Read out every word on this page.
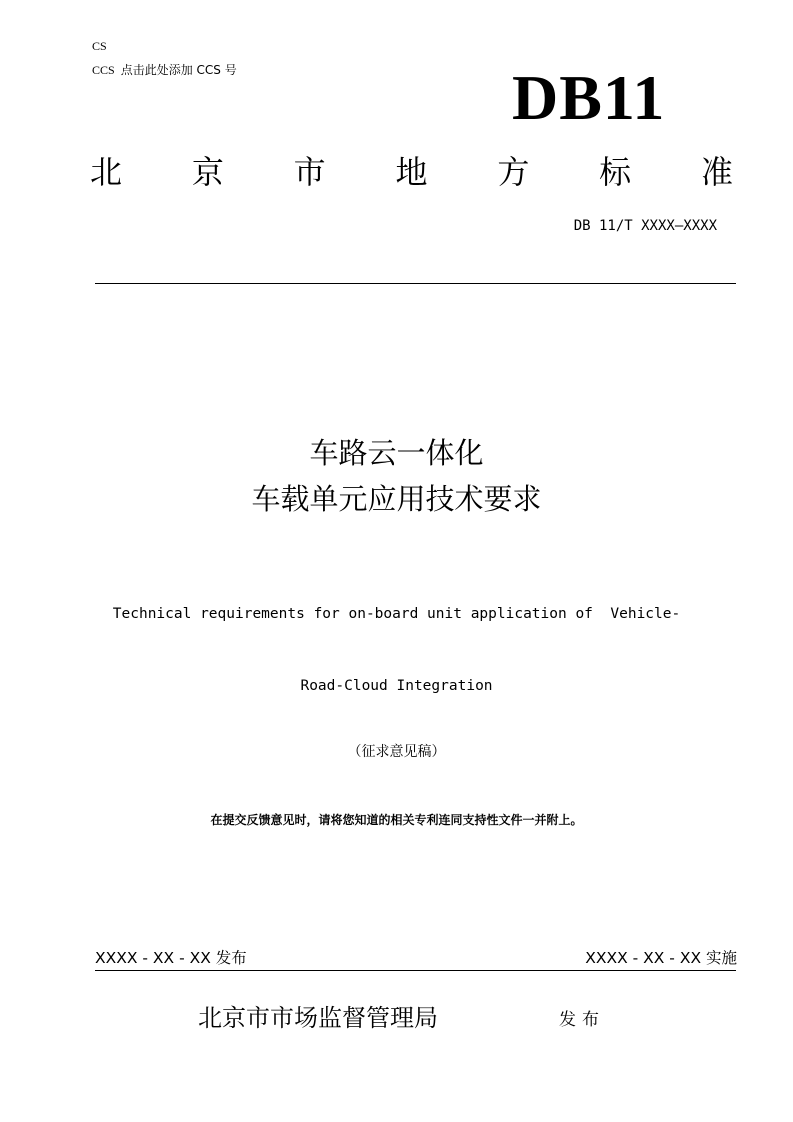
CS
CCS 点击此处添加 CCS 号	DB11
北 京 市 地 方 标 准
DB 11/T XXXX—XXXX
车路云一体化
车载单元应用技术要求

Technical requirements for on-board unit application of  Vehicle-

Road-Cloud Integration

（征求意见稿）
在提交反馈意见时，请将您知道的相关专利连同支持性文件一并附上。
XXXX - XX - XX 发布	XXXX - XX - XX 实施
北京市市场监督管理局	发布
